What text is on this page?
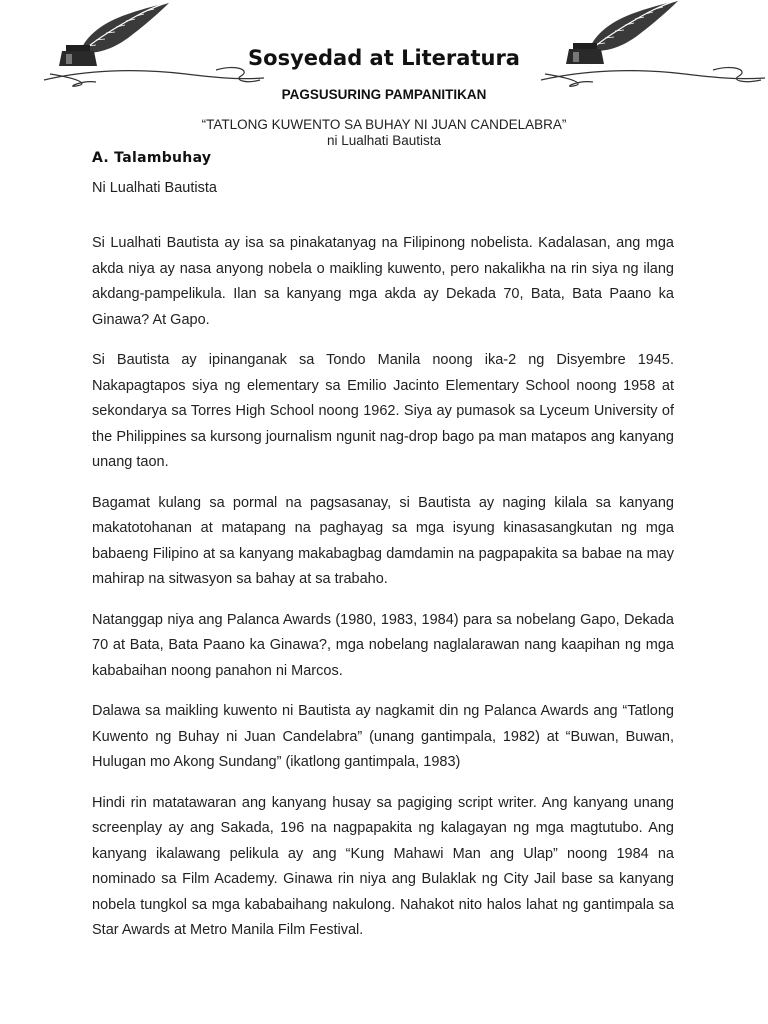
Sosyedad at Literatura
PAGSUSURING PAMPANITIKAN
“TATLONG KUWENTO SA BUHAY NI JUAN CANDELABRA”
ni Lualhati Bautista
A. Talambuhay
Ni Lualhati Bautista

Si Lualhati Bautista ay isa sa pinakatanyag na Filipinong nobelista. Kadalasan, ang mga akda niya ay nasa anyong nobela o maikling kuwento, pero nakalikha na rin siya ng ilang akdang-pampelikula. Ilan sa kanyang mga akda ay Dekada 70, Bata, Bata Paano ka Ginawa? At Gapo.

Si Bautista ay ipinanganak sa Tondo Manila noong ika-2 ng Disyembre 1945. Nakapagtapos siya ng elementary sa Emilio Jacinto Elementary School noong 1958 at sekondarya sa Torres High School noong 1962. Siya ay pumasok sa Lyceum University of the Philippines sa kursong journalism ngunit nag-drop bago pa man matapos ang kanyang unang taon.

Bagamat kulang sa pormal na pagsasanay, si Bautista ay naging kilala sa kanyang makatotohanan at matapang na paghayag sa mga isyung kinasasangkutan ng mga babaeng Filipino at sa kanyang makabagbag damdamin na pagpapakita sa babae na may mahirap na sitwasyon sa bahay at sa trabaho.

Natanggap niya ang Palanca Awards (1980, 1983, 1984) para sa nobelang Gapo, Dekada 70 at Bata, Bata Paano ka Ginawa?, mga nobelang naglalarawan nang kaapihan ng mga kababaihan noong panahon ni Marcos.

Dalawa sa maikling kuwento ni Bautista ay nagkamit din ng Palanca Awards ang “Tatlong Kuwento ng Buhay ni Juan Candelabra” (unang gantimpala, 1982) at “Buwan, Buwan, Hulugan mo Akong Sundang” (ikatlong gantimpala, 1983)

Hindi rin matatawaran ang kanyang husay sa pagiging script writer. Ang kanyang unang screenplay ay ang Sakada, 196 na nagpapakita ng kalagayan ng mga magtutubo. Ang kanyang ikalawang pelikula ay ang “Kung Mahawi Man ang Ulap” noong 1984 na nominado sa Film Academy. Ginawa rin niya ang Bulaklak ng City Jail base sa kanyang nobela tungkol sa mga kababaihang nakulong. Nahakot nito halos lahat ng gantimpala sa Star Awards at Metro Manila Film Festival.
